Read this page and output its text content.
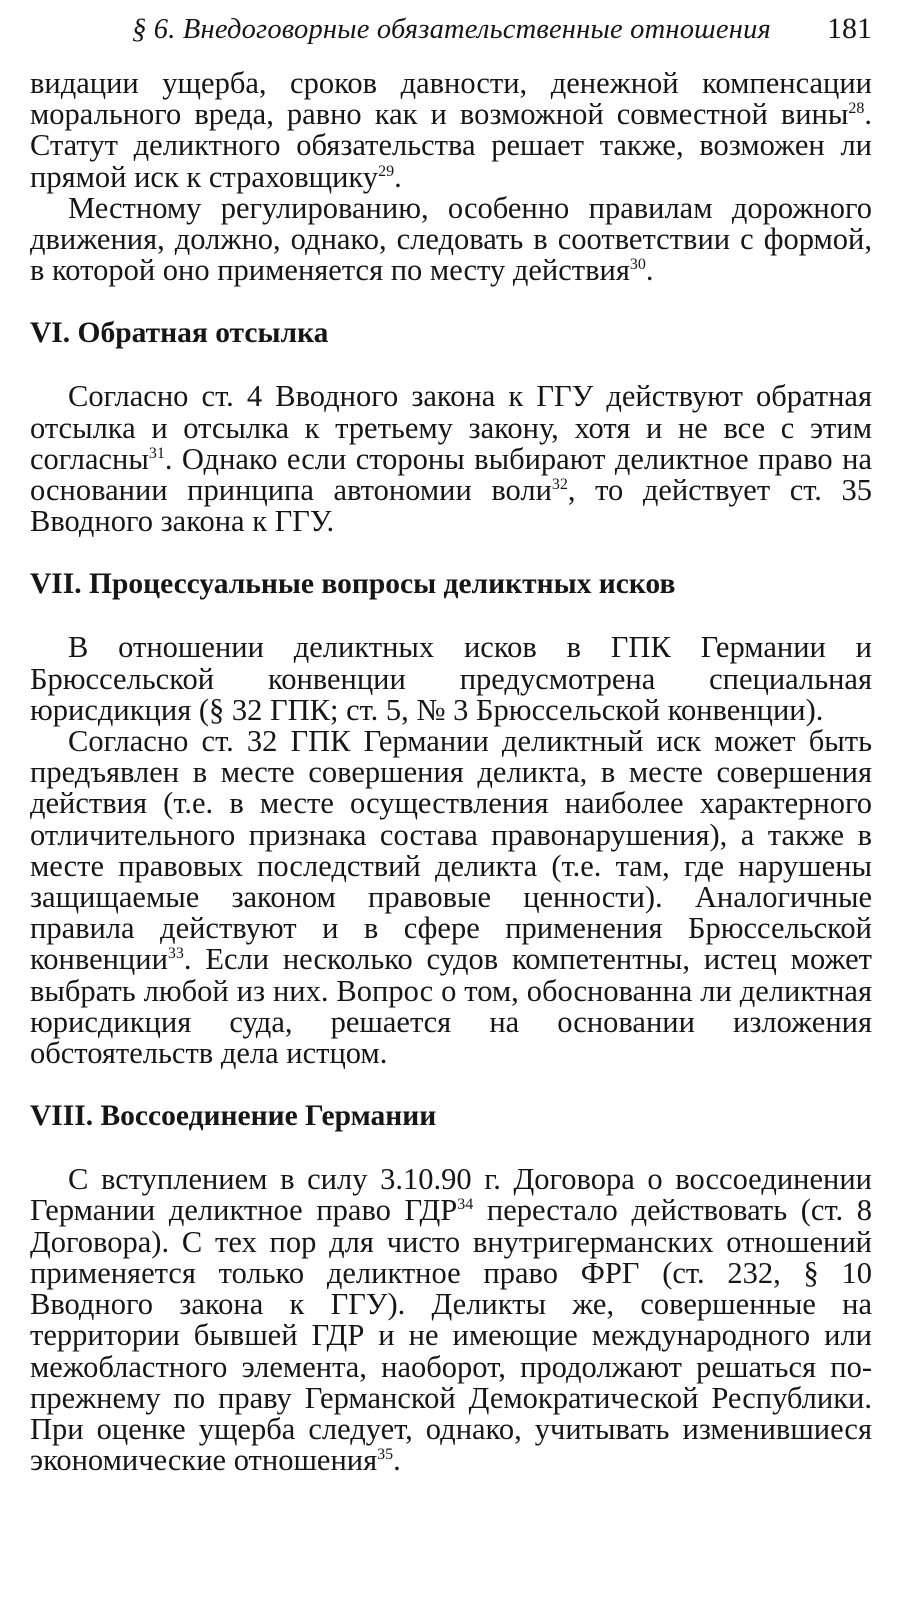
§ 6. Внедоговорные обязательственные отношения 181

видации ущерба, сроков давности, денежной компенсации морального вреда, равно как и возможной совместной вины$^{28}$. Статут деликтного обязательства решает также, возможен ли прямой иск к страховщику$^{29}$.

Местному регулированию, особенно правилам дорожного движения, должно, однако, следовать в соответствии с формой, в которой оно применяется по месту действия$^{30}$.

VI. Обратная отсылка

Согласно ст. 4 Вводного закона к ГГУ действуют обратная отсылка и отсылка к третьему закону, хотя и не все с этим согласны$^{31}$. Однако если стороны выбирают деликтное право на основании принципа автономии воли$^{32}$, то действует ст. 35 Вводного закона к ГГУ.

VII. Процессуальные вопросы деликтных исков

В отношении деликтных исков в ГПК Германии и Брюссельской конвенции предусмотрена специальная юрисдикция (§ 32 ГПК; ст. 5, № 3 Брюссельской конвенции).

Согласно ст. 32 ГПК Германии деликтный иск может быть предъявлен в месте совершения деликта, в месте совершения действия (т.е. в месте осуществления наиболее характерного отличительного признака состава правонарушения), а также в месте правовых последствий деликта (т.е. там, где нарушены защищаемые законом правовые ценности). Аналогичные правила действуют и в сфере применения Брюссельской конвенции$^{33}$. Если несколько судов компетентны, истец может выбрать любой из них. Вопрос о том, обоснованна ли деликтная юрисдикция суда, решается на основании изложения обстоятельств дела истцом.

VIII. Воссоединение Германии

С вступлением в силу 3.10.90 г. Договора о воссоединении Германии деликтное право ГДР$^{34}$ перестало действовать (ст. 8 Договора). С тех пор для чисто внутригерманских отношений применяется только деликтное право ФРГ (ст. 232, § 10 Вводного закона к ГГУ). Деликты же, совершенные на территории бывшей ГДР и не имеющие международного или межобластного элемента, наоборот, продолжают решаться по-прежнему по праву Германской Демократической Республики. При оценке ущерба следует, однако, учитывать изменившиеся экономические отношения$^{35}$.
